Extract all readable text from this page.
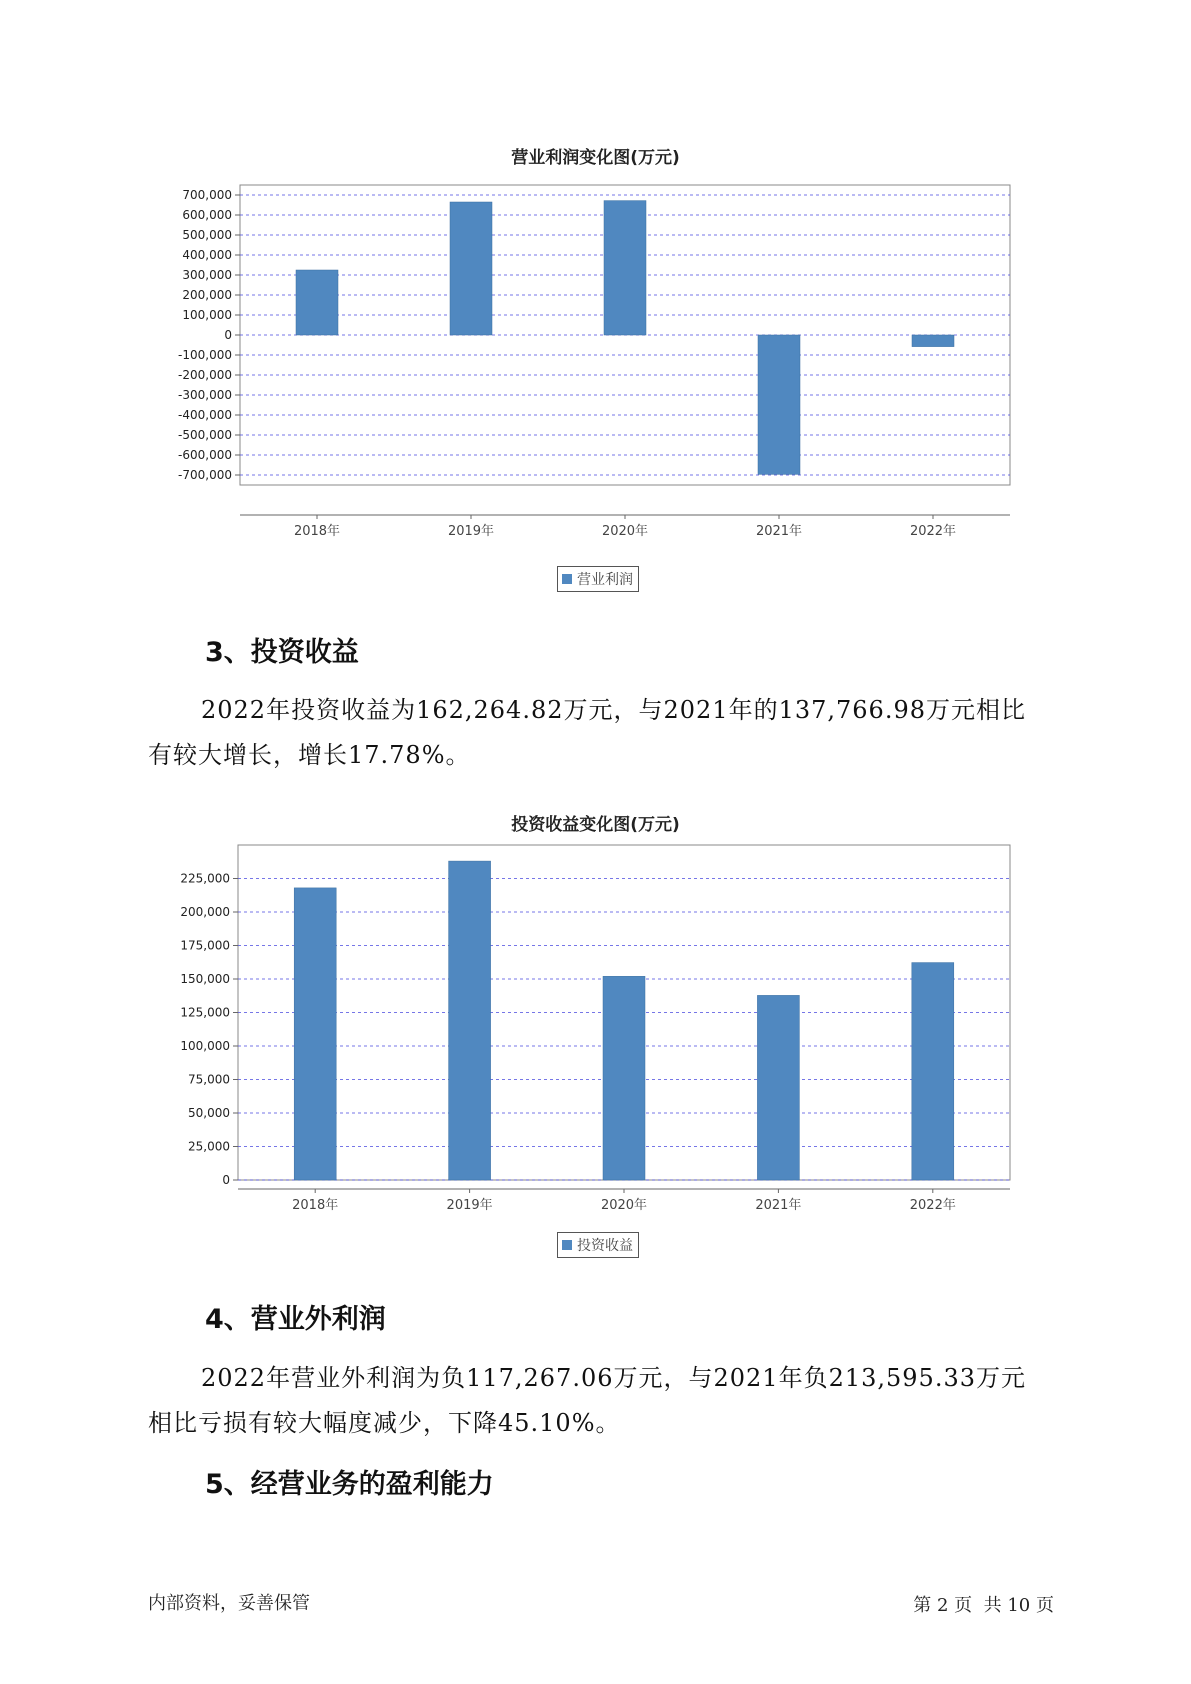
营业利润变化图(万元)
700,000
600,000
500,000
400,000
300,000
200,000
100,000
0
-100,000
-200,000
-300,000
-400,000
-500,000
-600,000
-700,000
2018年	2019年	2020年	2021年	2022年
营业利润
3、投资收益

2022年投资收益为162,264.82万元，与2021年的137,766.98万元相比有较大增长，增长17.78%。

投资收益变化图(万元)
225,000
200,000
175,000
150,000
125,000
100,000
75,000
50,000
25,000
0
2018年	2019年	2020年	2021年	2022年
投资收益
4、营业外利润

2022年营业外利润为负117,267.06万元，与2021年负213,595.33万元相比亏损有较大幅度减少，下降45.10%。

5、经营业务的盈利能力
内部资料，妥善保管	第 2 页  共 10 页
